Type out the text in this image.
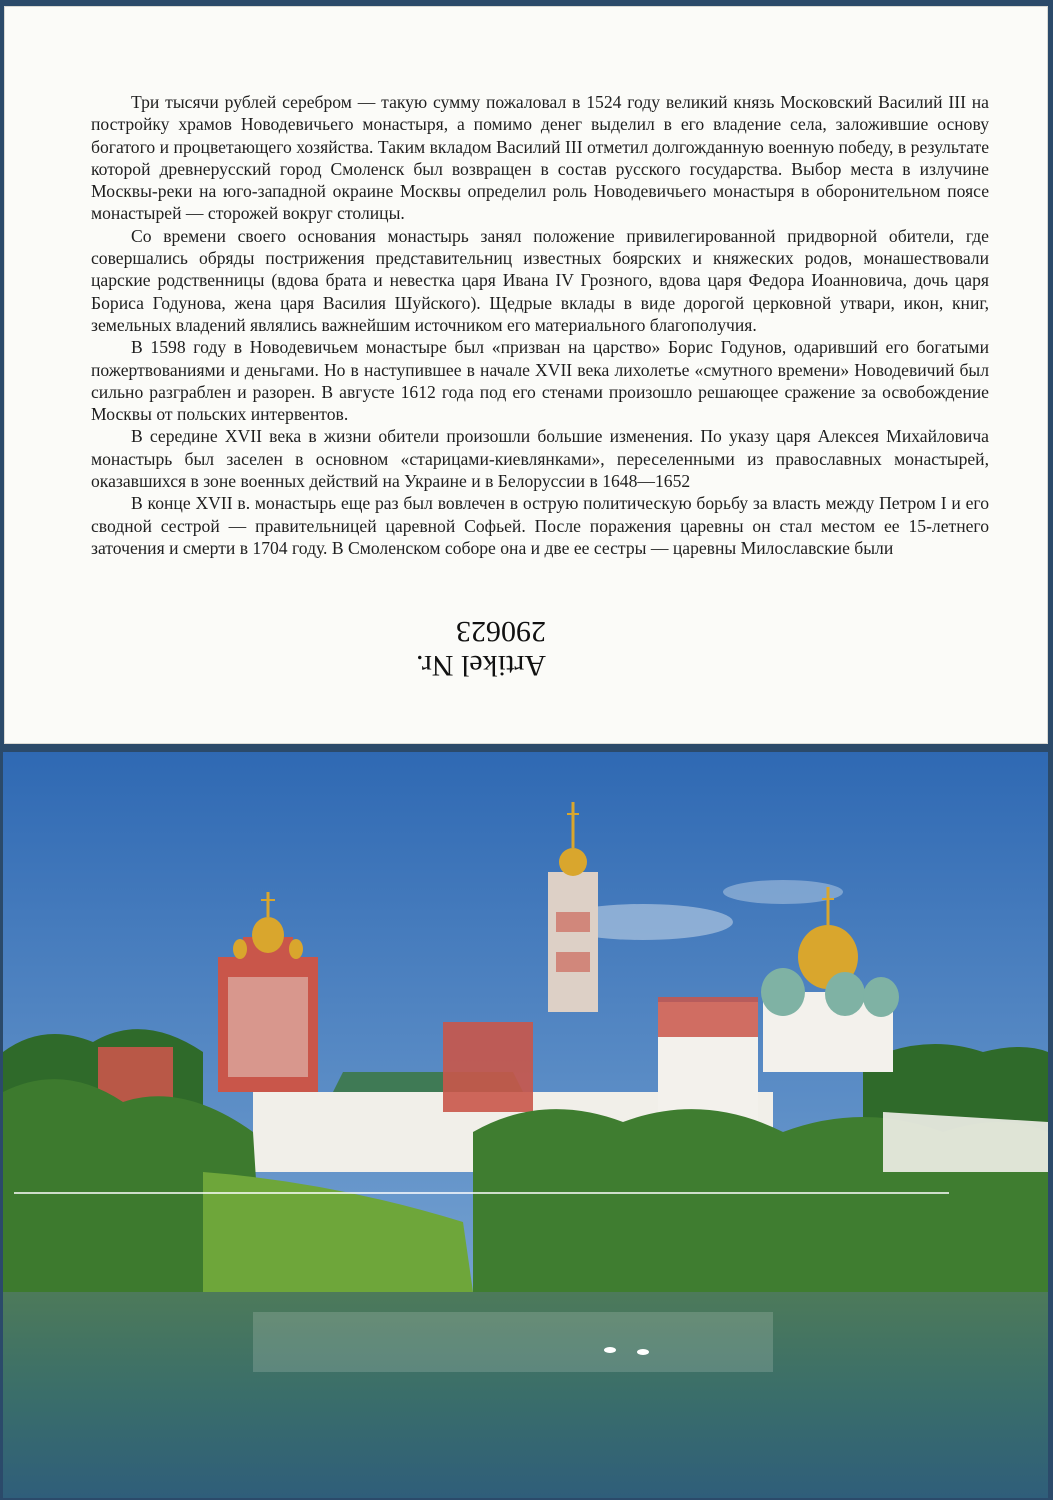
Три тысячи рублей серебром — такую сумму пожаловал в 1524 году великий князь Московский Василий III на постройку храмов Новодевичьего монастыря, а помимо денег выделил в его владение села, заложившие основу богатого и процветающего хозяйства. Таким вкладом Василий III отметил долгожданную военную победу, в результате которой древнерусский город Смоленск был возвращен в состав русского государства. Выбор места в излучине Москвы-реки на юго-западной окраине Москвы определил роль Новодевичьего монастыря в оборонительном поясе монастырей — сторожей вокруг столицы.

Со времени своего основания монастырь занял положение привилегированной придворной обители, где совершались обряды пострижения представительниц известных боярских и княжеских родов, монашествовали царские родственницы (вдова брата и невестка царя Ивана IV Грозного, вдова царя Федора Иоанновича, дочь царя Бориса Годунова, жена царя Василия Шуйского). Щедрые вклады в виде дорогой церковной утвари, икон, книг, земельных владений являлись важнейшим источником его материального благополучия.

В 1598 году в Новодевичьем монастыре был «призван на царство» Борис Годунов, одаривший его богатыми пожертвованиями и деньгами. Но в наступившее в начале XVII века лихолетье «смутного времени» Новодевичий был сильно разграблен и разорен. В августе 1612 года под его стенами произошло решающее сражение за освобождение Москвы от польских интервентов.

В середине XVII века в жизни обители произошли большие изменения. По указу царя Алексея Михайловича монастырь был заселен в основном «старицами-киевлянками», переселенными из православных монастырей, оказавшихся в зоне военных действий на Украине и в Белоруссии в 1648—1652

В конце XVII в. монастырь еще раз был вовлечен в острую политическую борьбу за власть между Петром I и его сводной сестрой — правительницей царевной Софьей. После поражения царевны он стал местом ее 15-летнего заточения и смерти в 1704 году. В Смоленском соборе она и две ее сестры — царевны Милославские были

Artikel Nr.
290623
